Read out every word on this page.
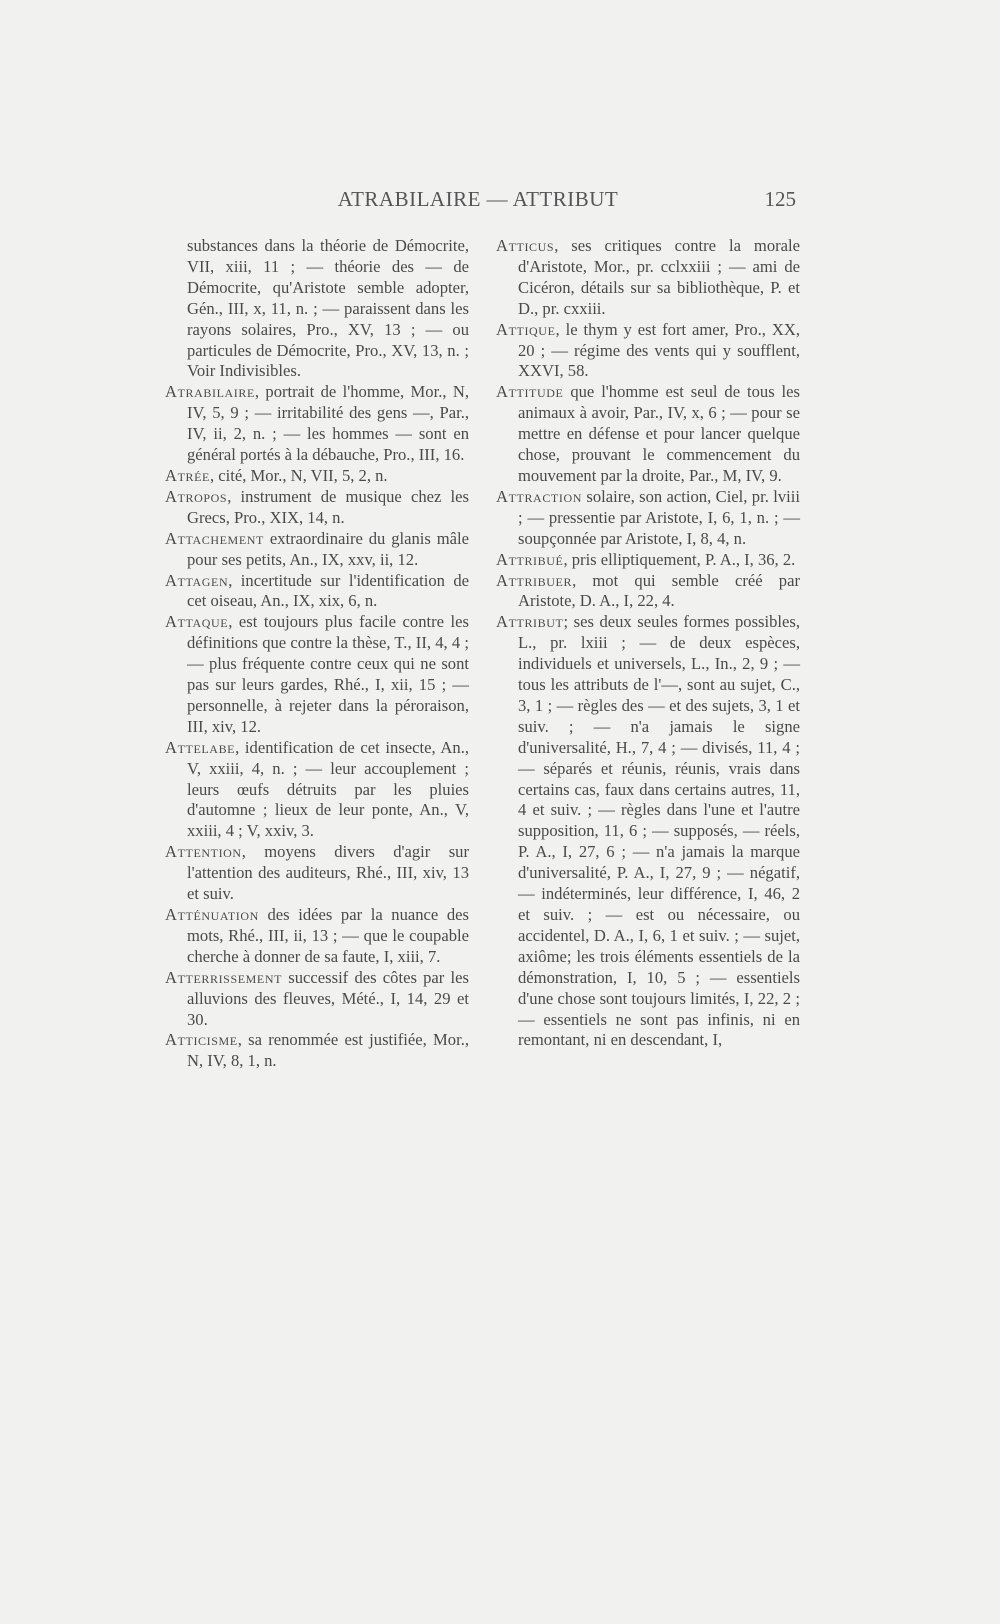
ATRABILAIRE — ATTRIBUT	125

substances dans la théorie de Démocrite, VII, xiii, 11 ; — théorie des — de Démocrite, qu'Aristote semble adopter, Gén., III, x, 11, n. ; — paraissent dans les rayons solaires, Pro., XV, 13 ; — ou particules de Démocrite, Pro., XV, 13, n. ; Voir Indivisibles.

Atrabilaire, portrait de l'homme, Mor., N, IV, 5, 9 ; — irritabilité des gens —, Par., IV, ii, 2, n. ; — les hommes — sont en général portés à la débauche, Pro., III, 16.

Atrée, cité, Mor., N, VII, 5, 2, n.

Atropos, instrument de musique chez les Grecs, Pro., XIX, 14, n.

Attachement extraordinaire du glanis mâle pour ses petits, An., IX, xxv, ii, 12.

Attagen, incertitude sur l'identification de cet oiseau, An., IX, xix, 6, n.

Attaque, est toujours plus facile contre les définitions que contre la thèse, T., II, 4, 4 ; — plus fréquente contre ceux qui ne sont pas sur leurs gardes, Rhé., I, xii, 15 ; — personnelle, à rejeter dans la péroraison, III, xiv, 12.

Attelabe, identification de cet insecte, An., V, xxiii, 4, n. ; — leur accouplement ; leurs œufs détruits par les pluies d'automne ; lieux de leur ponte, An., V, xxiii, 4 ; V, xxiv, 3.

Attention, moyens divers d'agir sur l'attention des auditeurs, Rhé., III, xiv, 13 et suiv.

Atténuation des idées par la nuance des mots, Rhé., III, ii, 13 ; — que le coupable cherche à donner de sa faute, I, xiii, 7.

Atterrissement successif des côtes par les alluvions des fleuves, Mété., I, 14, 29 et 30.

Atticisme, sa renommée est justifiée, Mor., N, IV, 8, 1, n.

Atticus, ses critiques contre la morale d'Aristote, Mor., pr. cclxxiii ; — ami de Cicéron, détails sur sa bibliothèque, P. et D., pr. cxxiii.

Attique, le thym y est fort amer, Pro., XX, 20 ; — régime des vents qui y soufflent, XXVI, 58.

Attitude que l'homme est seul de tous les animaux à avoir, Par., IV, x, 6 ; — pour se mettre en défense et pour lancer quelque chose, prouvant le commencement du mouvement par la droite, Par., M, IV, 9.

Attraction solaire, son action, Ciel, pr. lviii ; — pressentie par Aristote, I, 6, 1, n. ; — soupçonnée par Aristote, I, 8, 4, n.

Attribué, pris elliptiquement, P. A., I, 36, 2.

Attribuer, mot qui semble créé par Aristote, D. A., I, 22, 4.

Attribut; ses deux seules formes possibles, L., pr. lxiii ; — de deux espèces, individuels et universels, L., In., 2, 9 ; — tous les attributs de l'—, sont au sujet, C., 3, 1 ; — règles des — et des sujets, 3, 1 et suiv. ; — n'a jamais le signe d'universalité, H., 7, 4 ; — divisés, 11, 4 ; — séparés et réunis, réunis, vrais dans certains cas, faux dans certains autres, 11, 4 et suiv. ; — règles dans l'une et l'autre supposition, 11, 6 ; — supposés, — réels, P. A., I, 27, 6 ; — n'a jamais la marque d'universalité, P. A., I, 27, 9 ; — négatif, — indéterminés, leur différence, I, 46, 2 et suiv. ; — est ou nécessaire, ou accidentel, D. A., I, 6, 1 et suiv. ; — sujet, axiôme; les trois éléments essentiels de la démonstration, I, 10, 5 ; — essentiels d'une chose sont toujours limités, I, 22, 2 ; — essentiels ne sont pas infinis, ni en remontant, ni en descendant, I,
